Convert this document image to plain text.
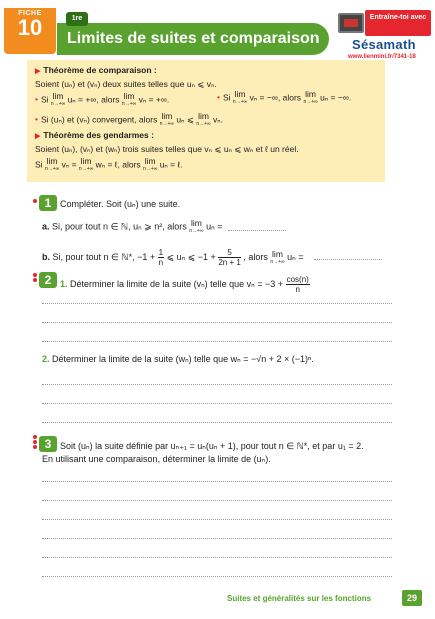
FICHE
10	1re
Limites de suites et comparaison
Entraîne-toi avec
Sésamath
www.lienmini.fr/7341-18
▶ Théorème de comparaison :
Soient (uₙ) et (vₙ) deux suites telles que uₙ ⩽ vₙ.
• Si lim
n→+∞ uₙ = +∞, alors lim
n→+∞ vₙ = +∞.	• Si lim
n→+∞ vₙ = −∞, alors lim
n→+∞ uₙ = −∞.
• Si (uₙ) et (vₙ) convergent, alors lim
n→+∞ uₙ ⩽ lim
n→+∞ vₙ.
▶ Théorème des gendarmes :
Soient (uₙ), (vₙ) et (wₙ) trois suites telles que vₙ ⩽ uₙ ⩽ wₙ et ℓ un réel.
Si lim
n→+∞ vₙ = lim
n→+∞ wₙ = ℓ, alors lim
n→+∞ uₙ = ℓ.
1 Compléter. Soit (uₙ) une suite.
a. Si, pour tout n ∈ ℕ, uₙ ⩾ n², alors lim
n→+∞ uₙ =
b. Si, pour tout n ∈ ℕ*, $-1 + \frac{1}{n}$ ⩽ uₙ ⩽ $-1 + \frac{5}{2n + 1}$ , alors lim
n→+∞ uₙ =
2 1. Déterminer la limite de la suite (vₙ) telle que $v_n = -3 + \frac{\cos(n)}{n}$
2. Déterminer la limite de la suite (wₙ) telle que wₙ = −√n + 2 × (−1)ⁿ.
3 Soit (uₙ) la suite définie par uₙ₊₁ = uₙ(uₙ + 1), pour tout n ∈ ℕ*, et par u₁ = 2.
En utilisant une comparaison, déterminer la limite de (uₙ).
Suites et généralités sur les fonctions	29
